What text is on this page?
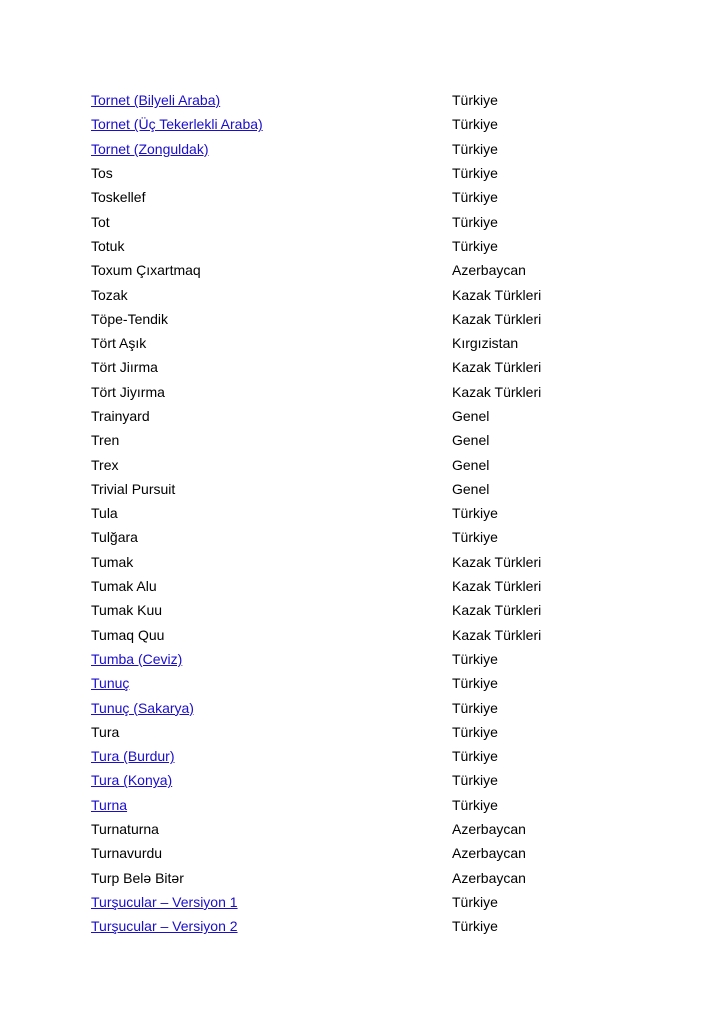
Tornet (Bilyeli Araba)	Türkiye
Tornet (Üç Tekerlekli Araba)	Türkiye
Tornet (Zonguldak)	Türkiye
Tos	Türkiye
Toskellef	Türkiye
Tot	Türkiye
Totuk	Türkiye
Toxum Çıxartmaq	Azerbaycan
Tozak	Kazak Türkleri
Töpe-Tendik	Kazak Türkleri
Tört Aşık	Kırgızistan
Tört Jiırma	Kazak Türkleri
Tört Jiyırma	Kazak Türkleri
Trainyard	Genel
Tren	Genel
Trex	Genel
Trivial Pursuit	Genel
Tula	Türkiye
Tulğara	Türkiye
Tumak	Kazak Türkleri
Tumak Alu	Kazak Türkleri
Tumak Kuu	Kazak Türkleri
Tumaq Quu	Kazak Türkleri
Tumba (Ceviz)	Türkiye
Tunuç	Türkiye
Tunuç (Sakarya)	Türkiye
Tura	Türkiye
Tura (Burdur)	Türkiye
Tura (Konya)	Türkiye
Turna	Türkiye
Turnaturna	Azerbaycan
Turnavurdu	Azerbaycan
Turp Belə Bitər	Azerbaycan
Turşucular – Versiyon 1	Türkiye
Turşucular – Versiyon 2	Türkiye
